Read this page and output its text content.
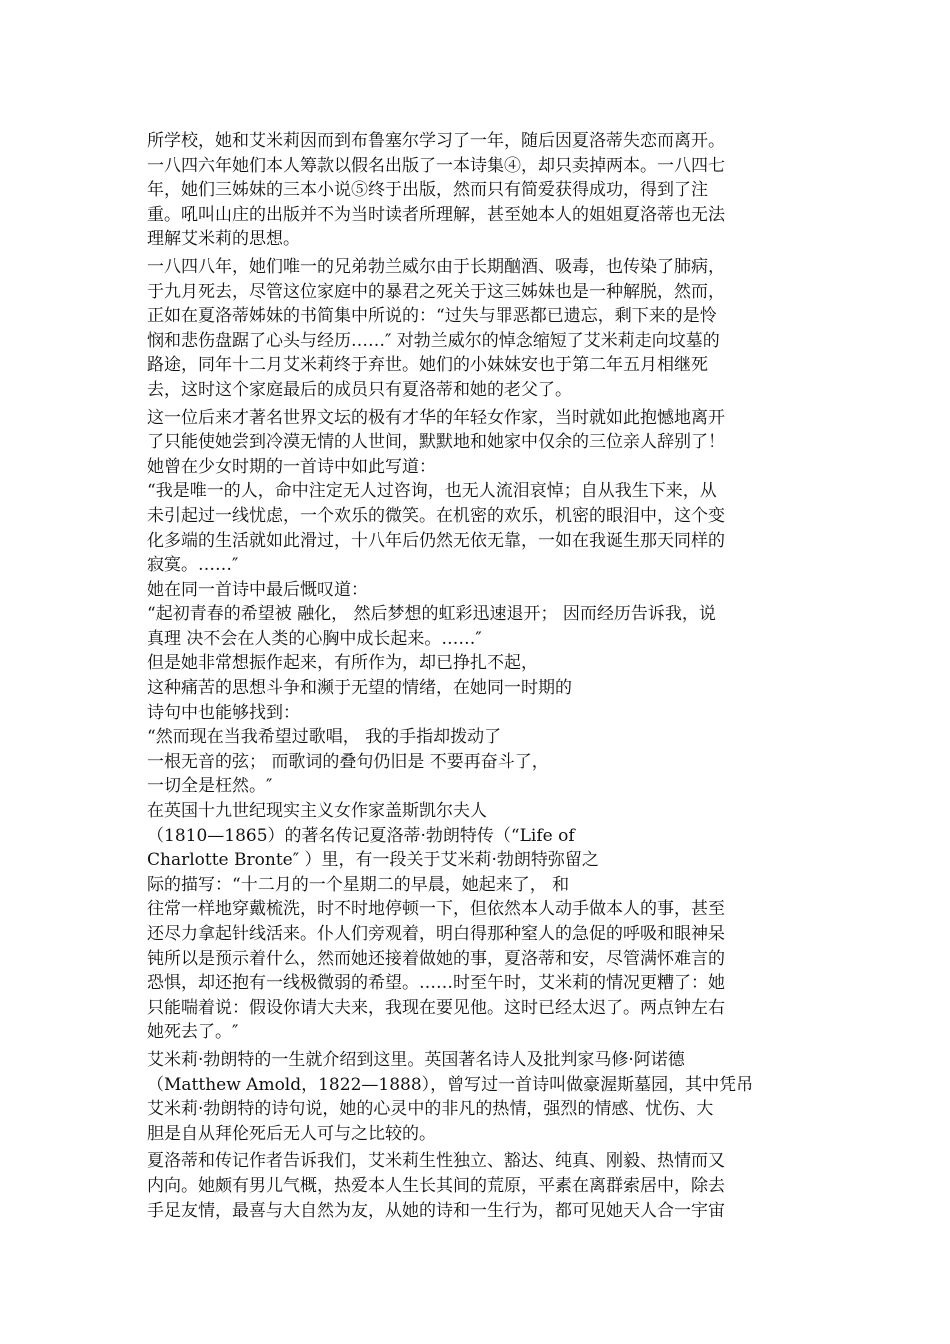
所学校，她和艾米莉因而到布鲁塞尔学习了一年，随后因夏洛蒂失恋而离开。
一八四六年她们本人筹款以假名出版了一本诗集④，却只卖掉两本。一八四七
年，她们三姊妹的三本小说⑤终于出版，然而只有简爱获得成功，得到了注
重。吼叫山庄的出版并不为当时读者所理解，甚至她本人的姐姐夏洛蒂也无法
理解艾米莉的思想。
一八四八年，她们唯一的兄弟勃兰威尔由于长期酗酒、吸毒，也传染了肺病，
于九月死去，尽管这位家庭中的暴君之死关于这三姊妹也是一种解脱，然而，
正如在夏洛蒂姊妹的书简集中所说的：“过失与罪恶都已遗忘，剩下来的是怜
悯和悲伤盘踞了心头与经历……″ 对勃兰威尔的悼念缩短了艾米莉走向坟墓的
路途，同年十二月艾米莉终于弃世。她们的小妹妹安也于第二年五月相继死
去，这时这个家庭最后的成员只有夏洛蒂和她的老父了。
这一位后来才著名世界文坛的极有才华的年轻女作家，当时就如此抱憾地离开
了只能使她尝到冷漠无情的人世间，默默地和她家中仅余的三位亲人辞别了！
她曾在少女时期的一首诗中如此写道：
“我是唯一的人，命中注定无人过咨询，也无人流泪哀悼；自从我生下来，从
未引起过一线忧虑，一个欢乐的微笑。在机密的欢乐，机密的眼泪中，这个变
化多端的生活就如此滑过，十八年后仍然无依无靠，一如在我诞生那天同样的
寂寞。……″
她在同一首诗中最后慨叹道：
“起初青春的希望被 融化， 然后梦想的虹彩迅速退开； 因而经历告诉我，说
真理 决不会在人类的心胸中成长起来。……″
但是她非常想振作起来，有所作为，却已挣扎不起，
这种痛苦的思想斗争和濒于无望的情绪，在她同一时期的
诗句中也能够找到：
“然而现在当我希望过歌唱， 我的手指却拨动了
一根无音的弦； 而歌词的叠句仍旧是 不要再奋斗了，
一切全是枉然。″
在英国十九世纪现实主义女作家盖斯凯尔夫人
（1810—1865）的著名传记夏洛蒂·勃朗特传（“Life of
Charlotte Bronte″ ）里，有一段关于艾米莉·勃朗特弥留之
际的描写：“十二月的一个星期二的早晨，她起来了， 和
往常一样地穿戴梳洗，时不时地停顿一下，但依然本人动手做本人的事，甚至
还尽力拿起针线活来。仆人们旁观着，明白得那种窒人的急促的呼吸和眼神呆
钝所以是预示着什么，然而她还接着做她的事，夏洛蒂和安，尽管满怀难言的
恐惧，却还抱有一线极微弱的希望。……时至午时，艾米莉的情况更糟了：她
只能喘着说：假设你请大夫来，我现在要见他。这时已经太迟了。两点钟左右
她死去了。″
艾米莉·勃朗特的一生就介绍到这里。英国著名诗人及批判家马修·阿诺德
（Matthew Amold，1822—1888），曾写过一首诗叫做豪渥斯墓园，其中凭吊
艾米莉·勃朗特的诗句说，她的心灵中的非凡的热情，强烈的情感、忧伤、大
胆是自从拜伦死后无人可与之比较的。
夏洛蒂和传记作者告诉我们，艾米莉生性独立、豁达、纯真、刚毅、热情而又
内向。她颇有男儿气概，热爱本人生长其间的荒原，平素在离群索居中，除去
手足友情，最喜与大自然为友，从她的诗和一生行为，都可见她天人合一宇宙
